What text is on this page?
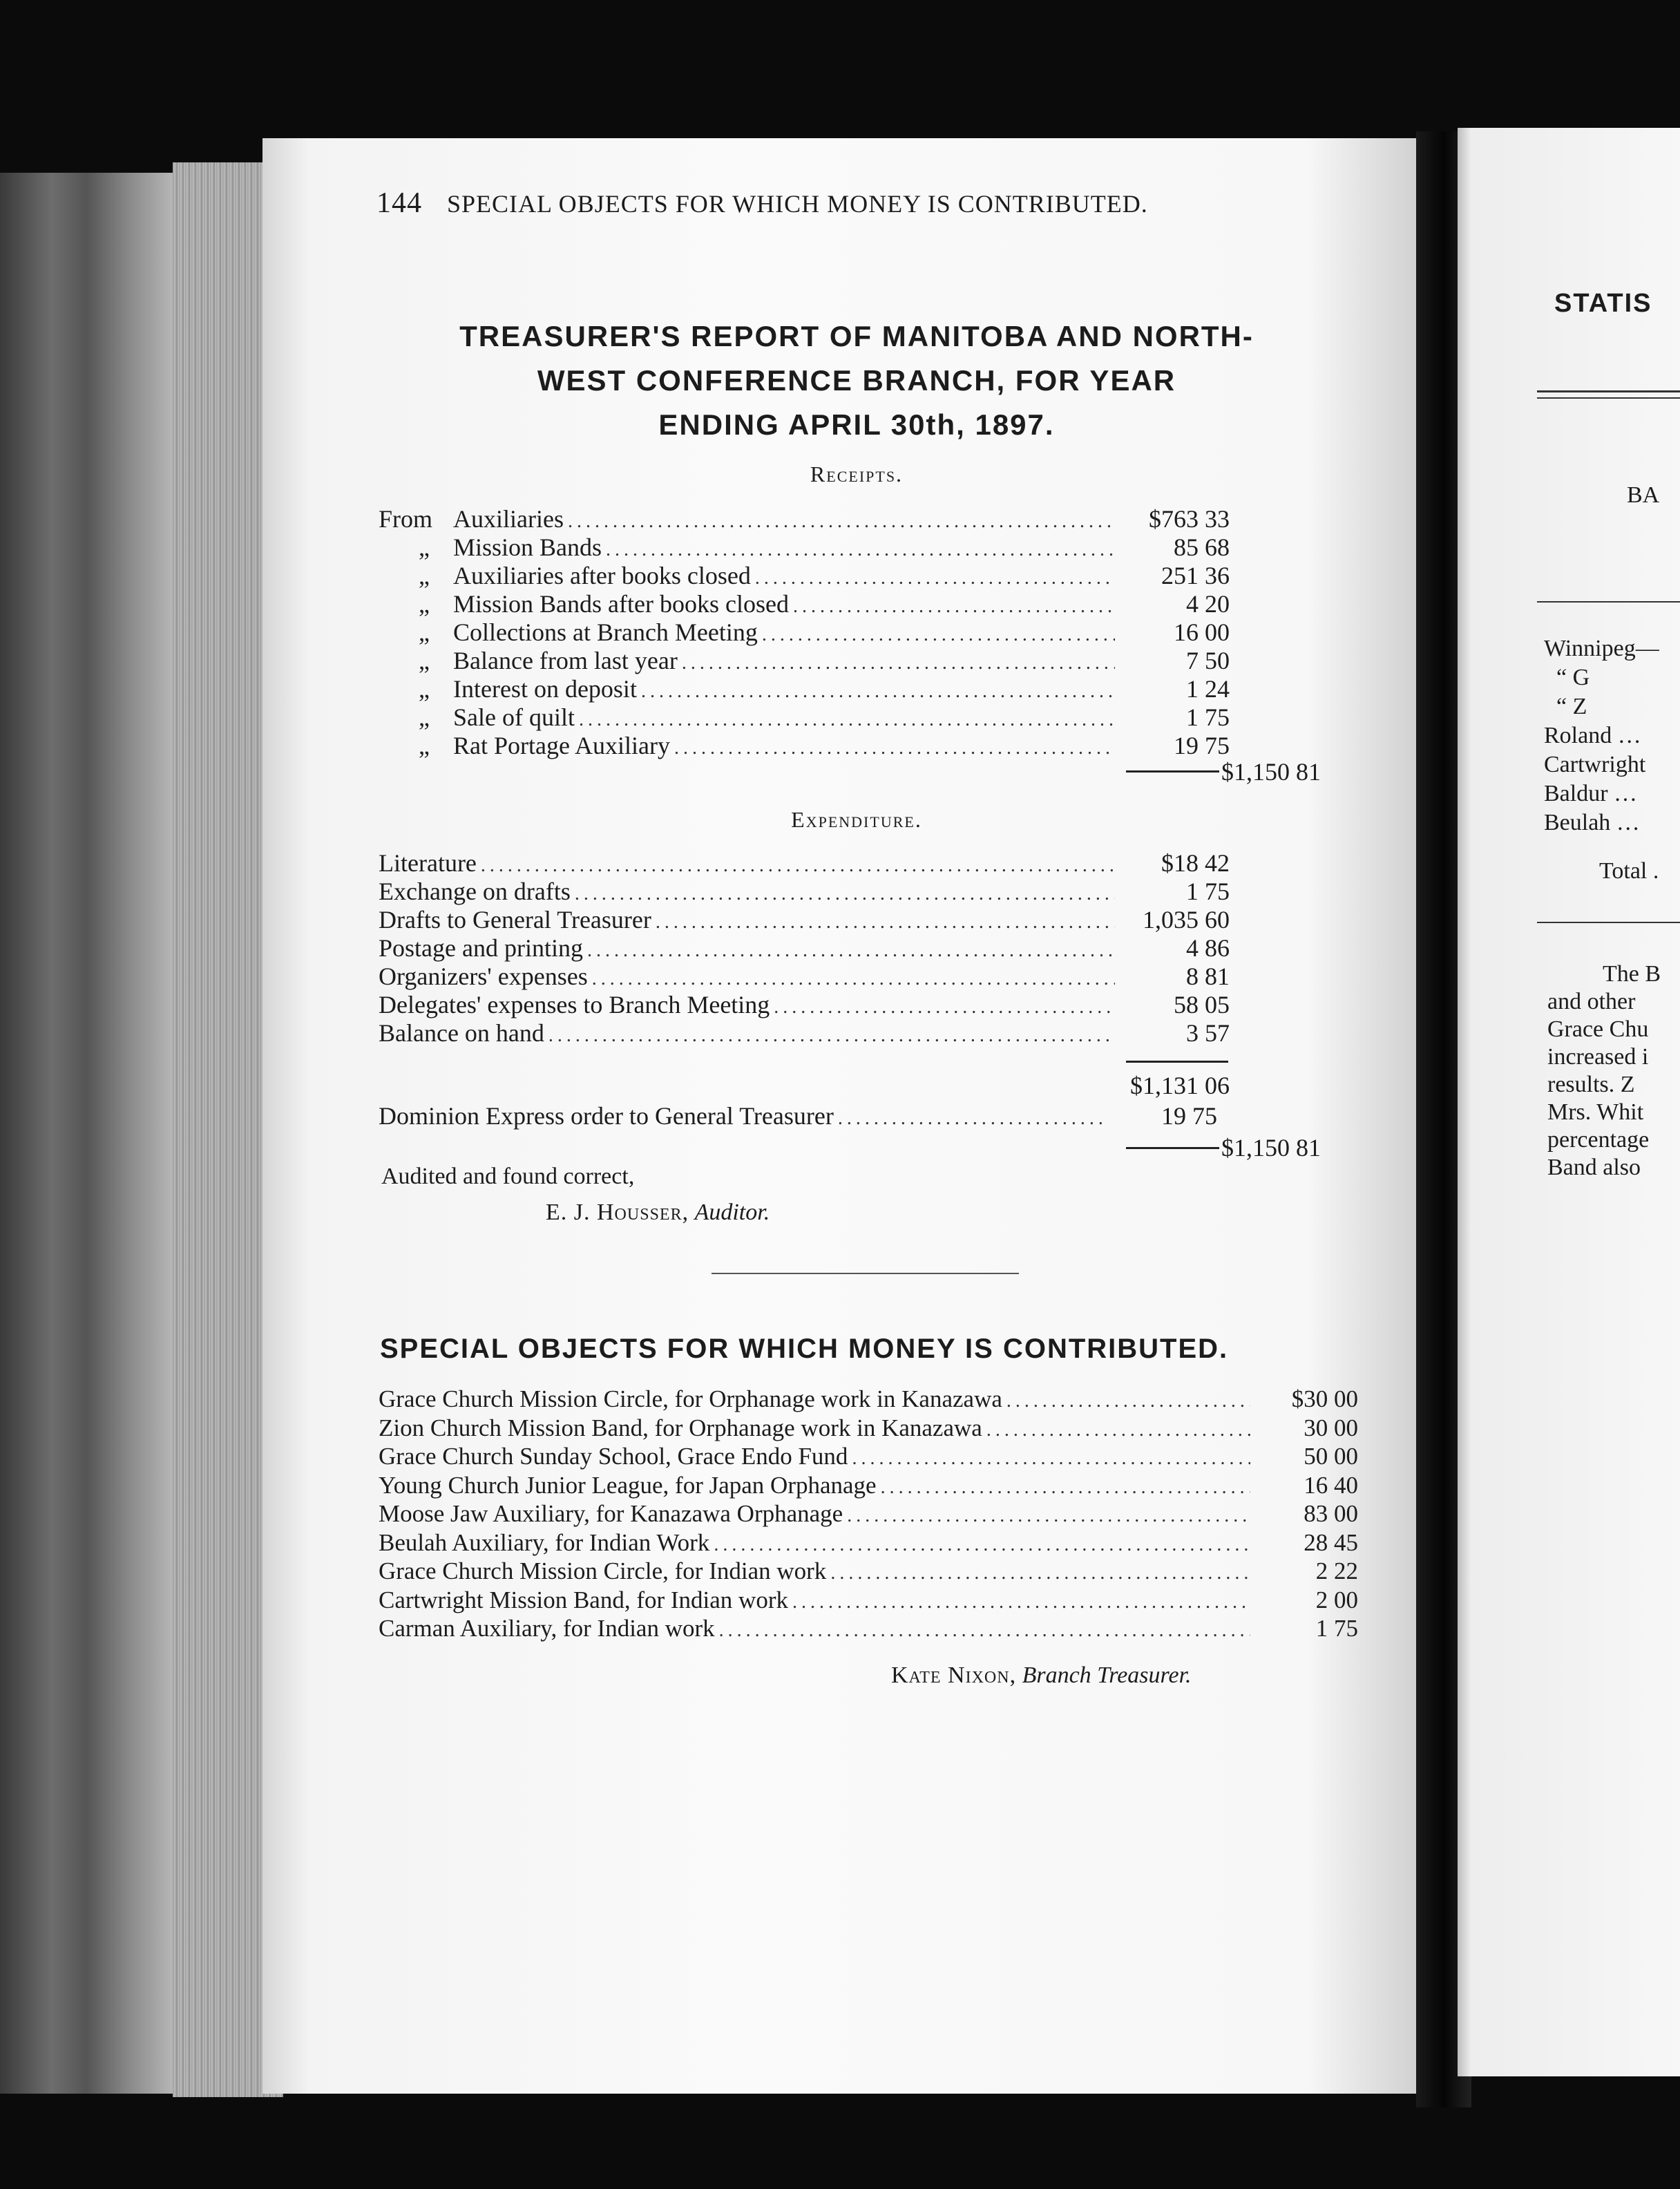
144 SPECIAL OBJECTS FOR WHICH MONEY IS CONTRIBUTED.
TREASURER'S REPORT OF MANITOBA AND NORTH-
WEST CONFERENCE BRANCH, FOR YEAR
ENDING APRIL 30th, 1897.
Receipts.
From Auxiliaries .....	$763 33
„ Mission Bands .....	85 68
„ Auxiliaries after books closed .....	251 36
„ Mission Bands after books closed .....	4 20
„ Collections at Branch Meeting .....	16 00
„ Balance from last year .....	7 50
„ Interest on deposit .....	1 24
„ Sale of quilt .....	1 75
„ Rat Portage Auxiliary .....	19 75
$1,150 81
Expenditure.
Literature .....	$18 42
Exchange on drafts .....	1 75
Drafts to General Treasurer .....	1,035 60
Postage and printing .....	4 86
Organizers' expenses .....	8 81
Delegates' expenses to Branch Meeting .....	58 05
Balance on hand .....	3 57
$1,131 06
Dominion Express order to General Treasurer .....	19 75
$1,150 81
Audited and found correct,
E. J. Housser, Auditor.
SPECIAL OBJECTS FOR WHICH MONEY IS CONTRIBUTED.
Grace Church Mission Circle, for Orphanage work in Kanazawa .....	$30 00
Zion Church Mission Band, for Orphanage work in Kanazawa .....	30 00
Grace Church Sunday School, Grace Endo Fund .....	50 00
Young Church Junior League, for Japan Orphanage .....	16 40
Moose Jaw Auxiliary, for Kanazawa Orphanage .....	83 00
Beulah Auxiliary, for Indian Work .....	28 45
Grace Church Mission Circle, for Indian work .....	2 22
Cartwright Mission Band, for Indian work .....	2 00
Carman Auxiliary, for Indian work .....	1 75
Kate Nixon, Branch Treasurer.
STATIS
BA
Winnipeg—
“ G
“ Z
Roland …
Cartwright
Baldur …
Beulah …
Total .
The B
and other
Grace Chu
increased i
results. Z
Mrs. Whit
percentage
Band also
